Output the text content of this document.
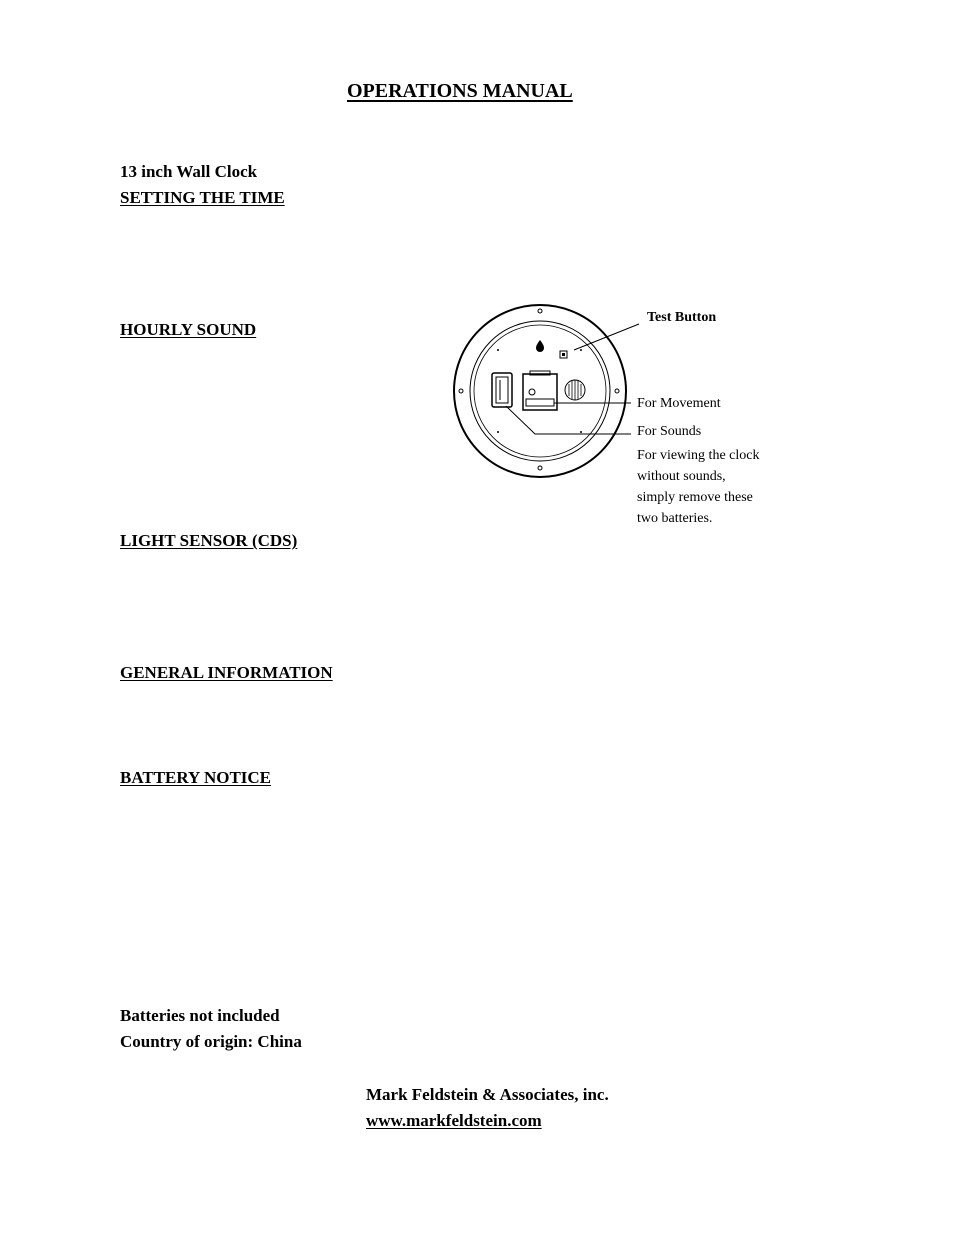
OPERATIONS MANUAL
13 inch Wall Clock
SETTING THE TIME
HOURLY SOUND
Test Button
For Movement
For Sounds
For viewing the clock
without sounds,
simply remove these
two batteries.
LIGHT SENSOR (CDS)
GENERAL INFORMATION
BATTERY NOTICE
Batteries not included
Country of origin: China
Mark Feldstein & Associates, inc.
www.markfeldstein.com
